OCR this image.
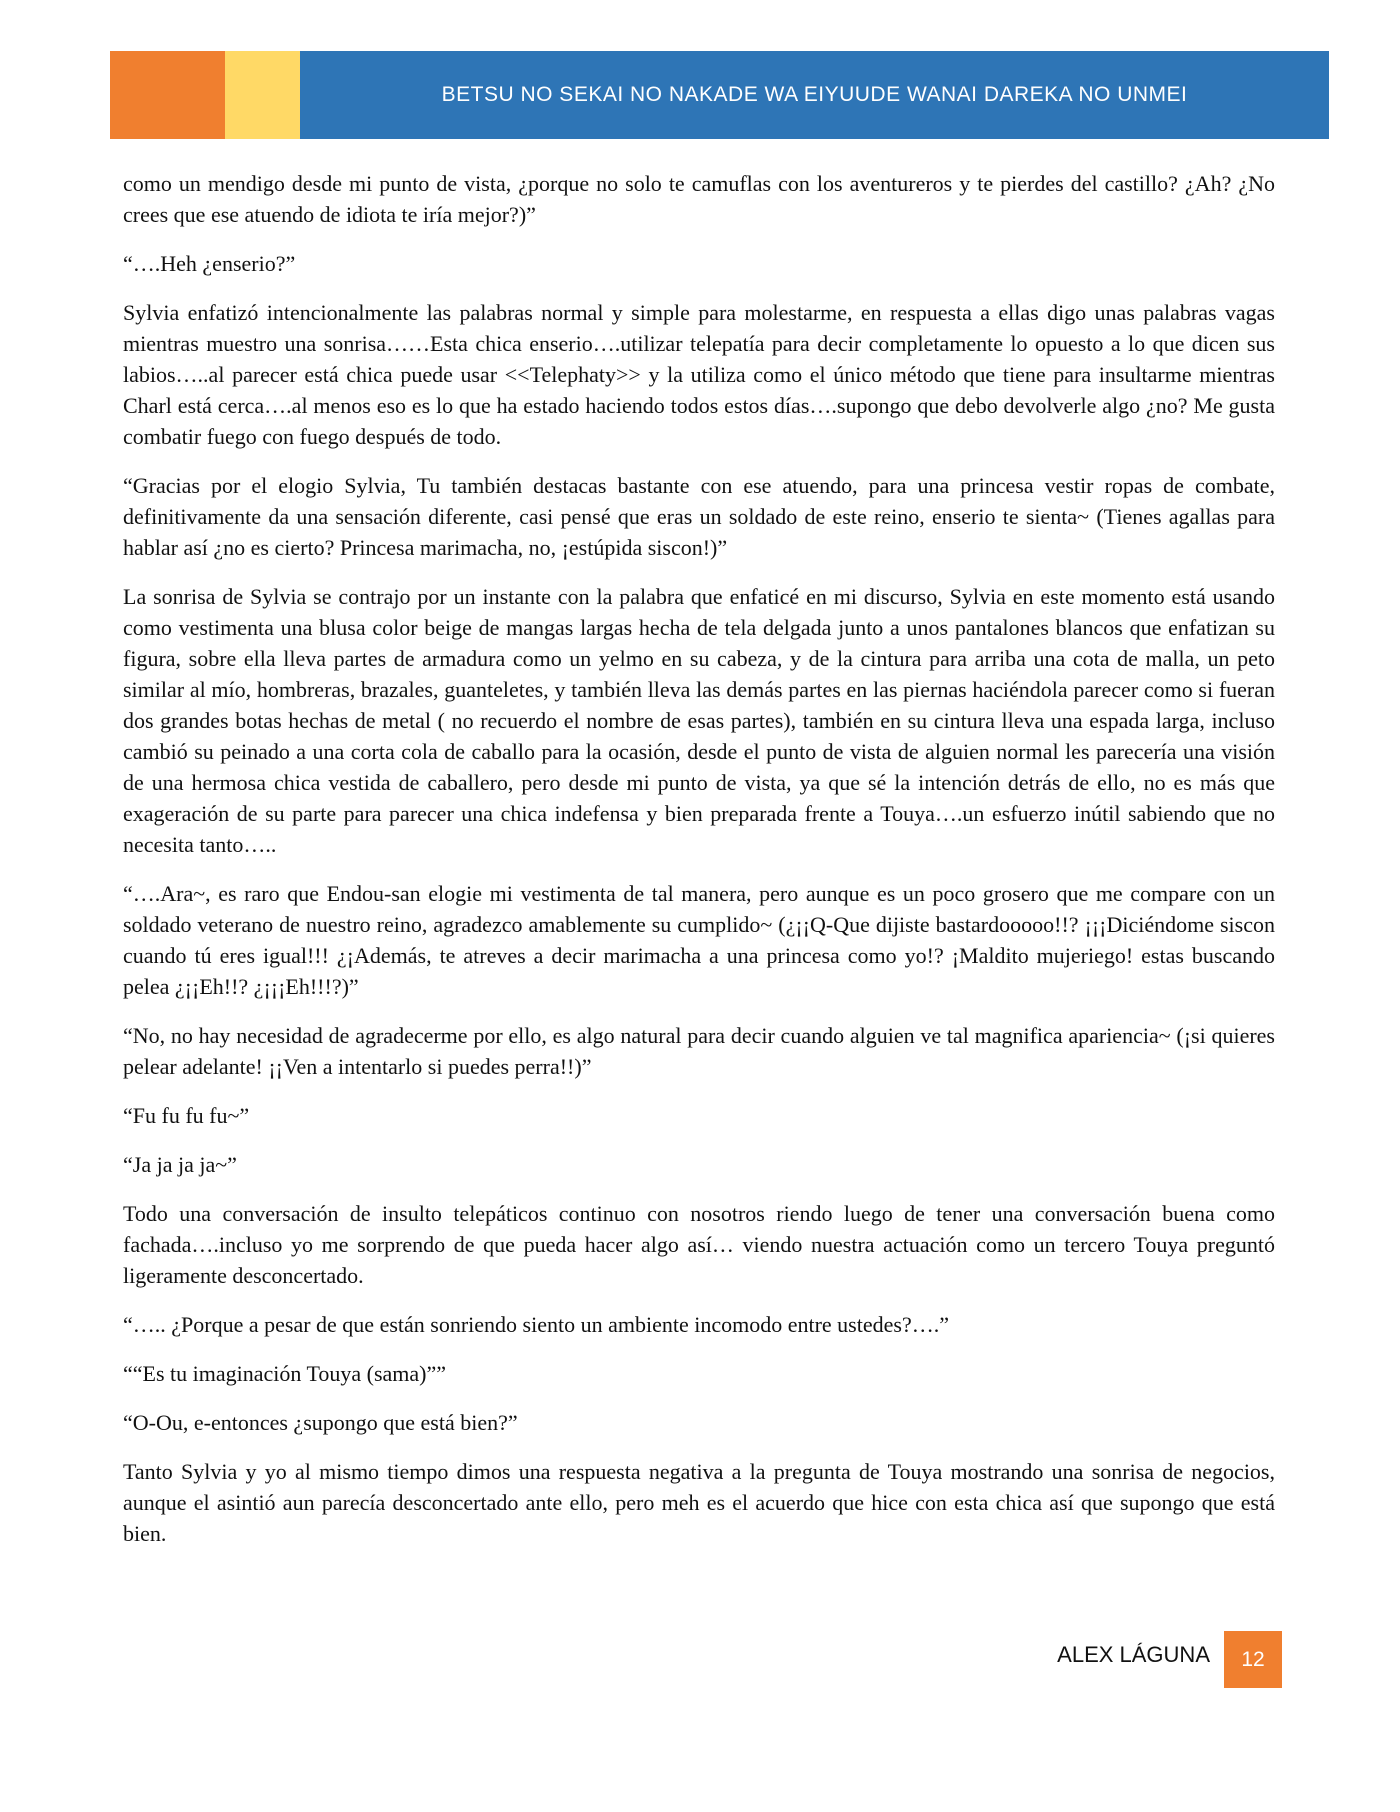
BETSU NO SEKAI NO NAKADE WA EIYUUDE WANAI DAREKA NO UNMEI

como un mendigo desde mi punto de vista, ¿porque no solo te camuflas con los aventureros y te pierdes del castillo? ¿Ah? ¿No crees que ese atuendo de idiota te iría mejor?)”

“….Heh ¿enserio?”

Sylvia enfatizó intencionalmente las palabras normal y simple para molestarme, en respuesta a ellas digo unas palabras vagas mientras muestro una sonrisa……Esta chica enserio….utilizar telepatía para decir completamente lo opuesto a lo que dicen sus labios…..al parecer está chica puede usar <<Telephaty>> y la utiliza como el único método que tiene para insultarme mientras Charl está cerca….al menos eso es lo que ha estado haciendo todos estos días….supongo que debo devolverle algo ¿no? Me gusta combatir fuego con fuego después de todo.

“Gracias por el elogio Sylvia, Tu también destacas bastante con ese atuendo, para una princesa vestir ropas de combate, definitivamente da una sensación diferente, casi pensé que eras un soldado de este reino, enserio te sienta~ (Tienes agallas para hablar así ¿no es cierto? Princesa marimacha, no, ¡estúpida siscon!)”

La sonrisa de Sylvia se contrajo por un instante con la palabra que enfaticé en mi discurso, Sylvia en este momento está usando como vestimenta una blusa color beige de mangas largas hecha de tela delgada junto a unos pantalones blancos que enfatizan su figura, sobre ella lleva partes de armadura como un yelmo en su cabeza, y de la cintura para arriba una cota de malla, un peto similar al mío, hombreras, brazales, guanteletes, y también lleva las demás partes en las piernas haciéndola parecer como si fueran dos grandes botas hechas de metal ( no recuerdo el nombre de esas partes), también en su cintura lleva una espada larga, incluso cambió su peinado a una corta cola de caballo para la ocasión, desde el punto de vista de alguien normal les parecería una visión de una hermosa chica vestida de caballero, pero desde mi punto de vista, ya que sé la intención detrás de ello, no es más que exageración de su parte para parecer una chica indefensa y bien preparada frente a Touya….un esfuerzo inútil sabiendo que no necesita tanto…..

“….Ara~, es raro que Endou-san elogie mi vestimenta de tal manera, pero aunque es un poco grosero que me compare con un soldado veterano de nuestro reino, agradezco amablemente su cumplido~ (¿¡¡Q-Que dijiste bastardooooo!!? ¡¡¡Diciéndome siscon cuando tú eres igual!!! ¿¡Además, te atreves a decir marimacha a una princesa como yo!? ¡Maldito mujeriego! estas buscando pelea ¿¡¡Eh!!? ¿¡¡¡Eh!!!?)”

“No, no hay necesidad de agradecerme por ello, es algo natural para decir cuando alguien ve tal magnifica apariencia~ (¡si quieres pelear adelante! ¡¡Ven a intentarlo si puedes perra!!)”

“Fu fu fu fu~”

“Ja ja ja ja~”

Todo una conversación de insulto telepáticos continuo con nosotros riendo luego de tener una conversación buena como fachada….incluso yo me sorprendo de que pueda hacer algo así… viendo nuestra actuación como un tercero Touya preguntó ligeramente desconcertado.

“….. ¿Porque a pesar de que están sonriendo siento un ambiente incomodo entre ustedes?….”

““Es tu imaginación Touya (sama)””

“O-Ou, e-entonces ¿supongo que está bien?”

Tanto Sylvia y yo al mismo tiempo dimos una respuesta negativa a la pregunta de Touya mostrando una sonrisa de negocios, aunque el asintió aun parecía desconcertado ante ello, pero meh es el acuerdo que hice con esta chica así que supongo que está bien.

ALEX LÁGUNA	12
